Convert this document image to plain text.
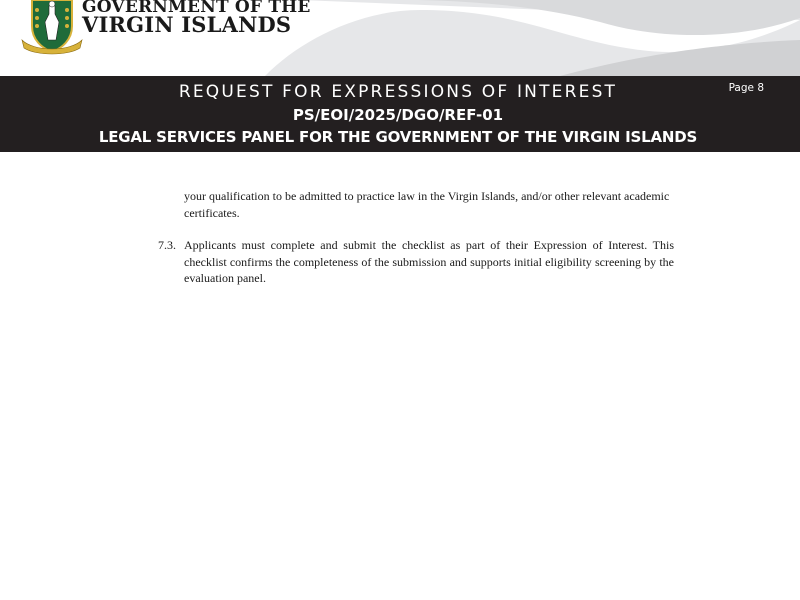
GOVERNMENT OF THE
VIRGIN ISLANDS
REQUEST FOR EXPRESSIONS OF INTEREST
PS/EOI/2025/DGO/REF-01
LEGAL SERVICES PANEL FOR THE GOVERNMENT OF THE VIRGIN ISLANDS
Page 8
your qualification to be admitted to practice law in the Virgin Islands, and/or other relevant academic certificates.
7.3. Applicants must complete and submit the checklist as part of their Expression of Interest. This checklist confirms the completeness of the submission and supports initial eligibility screening by the evaluation panel.
